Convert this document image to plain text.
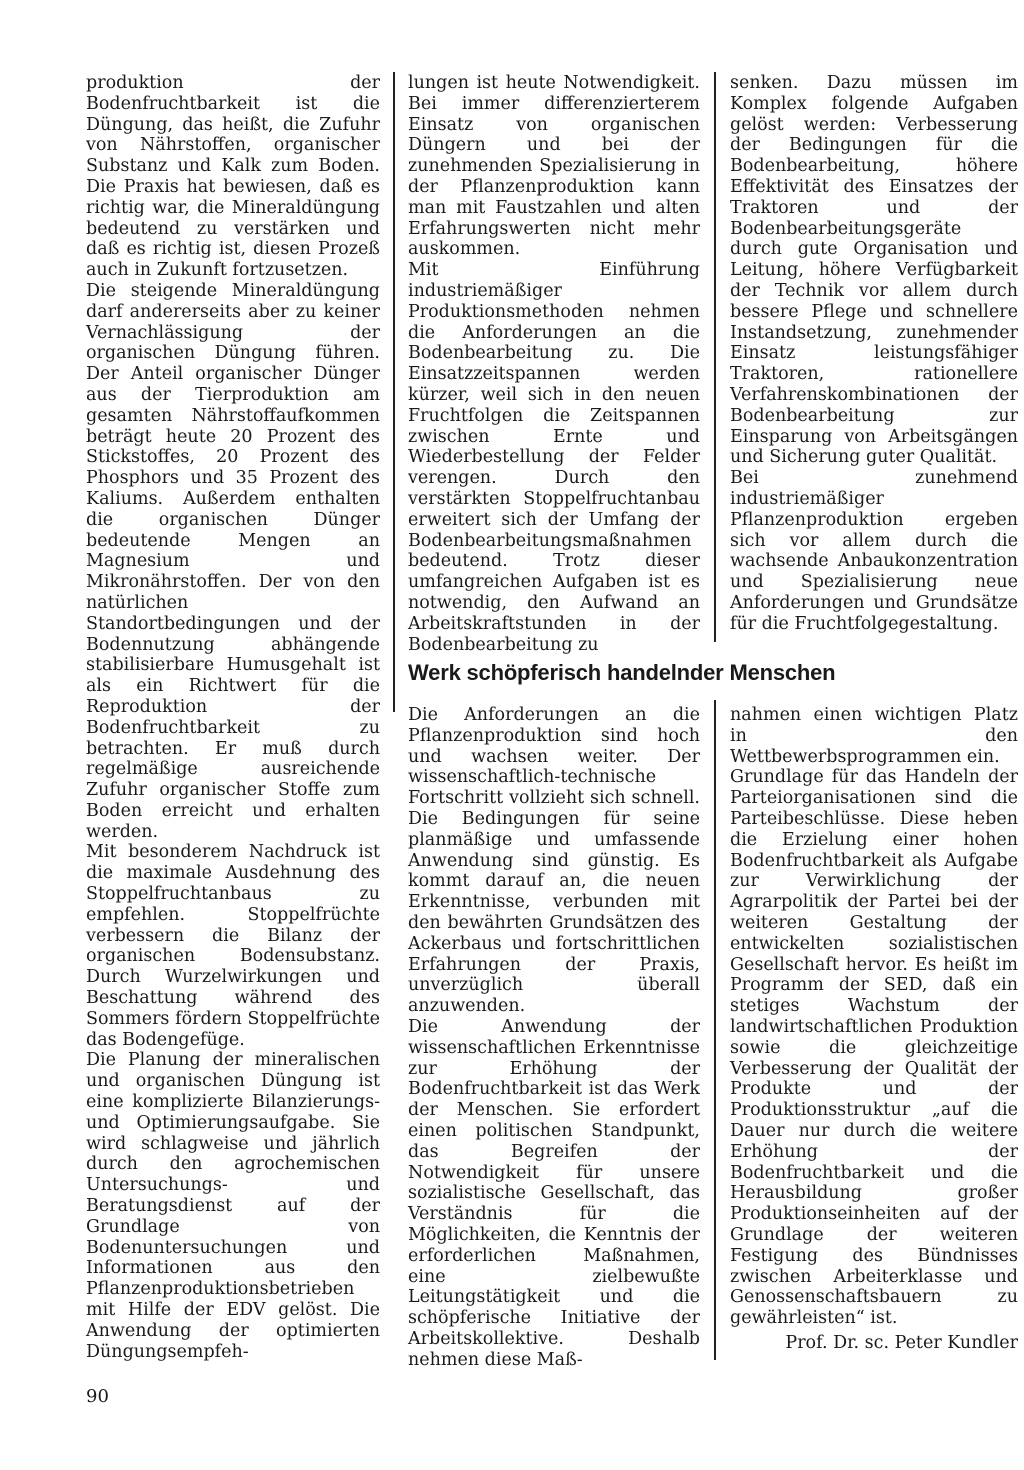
produktion der Bodenfruchtbarkeit ist die Düngung, das heißt, die Zufuhr von Nährstoffen, organischer Substanz und Kalk zum Boden. Die Praxis hat bewiesen, daß es richtig war, die Mineraldüngung bedeutend zu verstärken und daß es richtig ist, diesen Prozeß auch in Zukunft fortzusetzen.

Die steigende Mineraldüngung darf andererseits aber zu keiner Vernachlässigung der organischen Düngung führen. Der Anteil organischer Dünger aus der Tierproduktion am gesamten Nährstoffaufkommen beträgt heute 20 Prozent des Stickstoffes, 20 Prozent des Phosphors und 35 Prozent des Kaliums. Außerdem enthalten die organischen Dünger bedeutende Mengen an Magnesium und Mikronährstoffen. Der von den natürlichen Standortbedingungen und der Bodennutzung abhängende stabilisierbare Humusgehalt ist als ein Richtwert für die Reproduktion der Bodenfruchtbarkeit zu betrachten. Er muß durch regelmäßige ausreichende Zufuhr organischer Stoffe zum Boden erreicht und erhalten werden.

Mit besonderem Nachdruck ist die maximale Ausdehnung des Stoppelfruchtanbaus zu empfehlen. Stoppelfrüchte verbessern die Bilanz der organischen Bodensubstanz. Durch Wurzelwirkungen und Beschattung während des Sommers fördern Stoppelfrüchte das Bodengefüge.

Die Planung der mineralischen und organischen Düngung ist eine komplizierte Bilanzierungs- und Optimierungsaufgabe. Sie wird schlagweise und jährlich durch den agrochemischen Untersuchungs- und Beratungsdienst auf der Grundlage von Bodenuntersuchungen und Informationen aus den Pflanzenproduktionsbetrieben mit Hilfe der EDV gelöst. Die Anwendung der optimierten Düngungsempfeh-

lungen ist heute Notwendigkeit. Bei immer differenzierterem Einsatz von organischen Düngern und bei der zunehmenden Spezialisierung in der Pflanzenproduktion kann man mit Faustzahlen und alten Erfahrungswerten nicht mehr auskommen.

Mit Einführung industriemäßiger Produktionsmethoden nehmen die Anforderungen an die Bodenbearbeitung zu. Die Einsatzzeitspannen werden kürzer, weil sich in den neuen Fruchtfolgen die Zeitspannen zwischen Ernte und Wiederbestellung der Felder verengen. Durch den verstärkten Stoppelfruchtanbau erweitert sich der Umfang der Bodenbearbeitungsmaßnahmen bedeutend. Trotz dieser umfangreichen Aufgaben ist es notwendig, den Aufwand an Arbeitskraftstunden in der Bodenbearbeitung zu

senken. Dazu müssen im Komplex folgende Aufgaben gelöst werden: Verbesserung der Bedingungen für die Bodenbearbeitung, höhere Effektivität des Einsatzes der Traktoren und der Bodenbearbeitungsgeräte durch gute Organisation und Leitung, höhere Verfügbarkeit der Technik vor allem durch bessere Pflege und schnellere Instandsetzung, zunehmender Einsatz leistungsfähiger Traktoren, rationellere Verfahrenskombinationen der Bodenbearbeitung zur Einsparung von Arbeitsgängen und Sicherung guter Qualität.

Bei zunehmend industriemäßiger Pflanzenproduktion ergeben sich vor allem durch die wachsende Anbaukonzentration und Spezialisierung neue Anforderungen und Grundsätze für die Fruchtfolgegestaltung.

Werk schöpferisch handelnder Menschen

Die Anforderungen an die Pflanzenproduktion sind hoch und wachsen weiter. Der wissenschaftlich-technische Fortschritt vollzieht sich schnell. Die Bedingungen für seine planmäßige und umfassende Anwendung sind günstig. Es kommt darauf an, die neuen Erkenntnisse, verbunden mit den bewährten Grundsätzen des Ackerbaus und fortschrittlichen Erfahrungen der Praxis, unverzüglich überall anzuwenden.

Die Anwendung der wissenschaftlichen Erkenntnisse zur Erhöhung der Bodenfruchtbarkeit ist das Werk der Menschen. Sie erfordert einen politischen Standpunkt, das Begreifen der Notwendigkeit für unsere sozialistische Gesellschaft, das Verständnis für die Möglichkeiten, die Kenntnis der erforderlichen Maßnahmen, eine zielbewußte Leitungstätigkeit und die schöpferische Initiative der Arbeitskollektive. Deshalb nehmen diese Maß-

nahmen einen wichtigen Platz in den Wettbewerbsprogrammen ein.

Grundlage für das Handeln der Parteiorganisationen sind die Parteibeschlüsse. Diese heben die Erzielung einer hohen Bodenfruchtbarkeit als Aufgabe zur Verwirklichung der Agrarpolitik der Partei bei der weiteren Gestaltung der entwickelten sozialistischen Gesellschaft hervor. Es heißt im Programm der SED, daß ein stetiges Wachstum der landwirtschaftlichen Produktion sowie die gleichzeitige Verbesserung der Qualität der Produkte und der Produktionsstruktur „auf die Dauer nur durch die weitere Erhöhung der Bodenfruchtbarkeit und die Herausbildung großer Produktionseinheiten auf der Grundlage der weiteren Festigung des Bündnisses zwischen Arbeiterklasse und Genossenschaftsbauern zu gewährleisten“ ist.

Prof. Dr. sc. Peter Kundler
90
